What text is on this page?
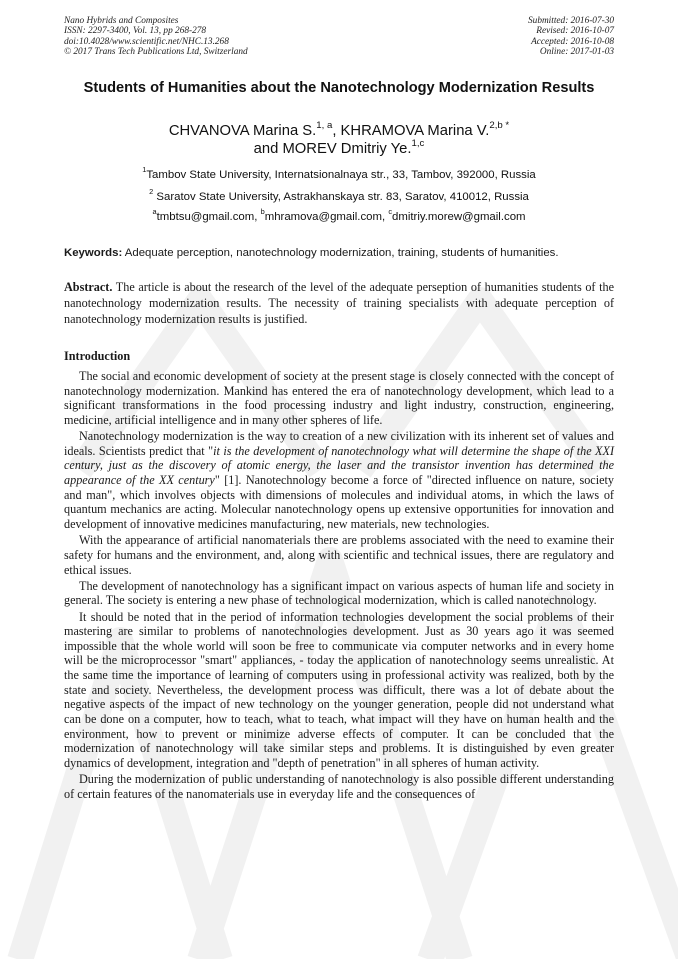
Nano Hybrids and Composites
ISSN: 2297-3400, Vol. 13, pp 268-278
doi:10.4028/www.scientific.net/NHC.13.268
© 2017 Trans Tech Publications Ltd, Switzerland
Submitted: 2016-07-30
Revised: 2016-10-07
Accepted: 2016-10-08
Online: 2017-01-03
Students of Humanities about the Nanotechnology Modernization Results
CHVANOVA Marina S.$^{1, a}$, KHRAMOVA Marina V.$^{2,b *}$
and MOREV Dmitriy Ye.$^{1,c}$
$^1$Tambov State University, Internatsionalnaya str., 33, Tambov, 392000, Russia
$^2$ Saratov State University, Astrakhanskaya str. 83, Saratov, 410012, Russia
$^a$tmbtsu@gmail.com, $^b$mhramova@gmail.com, $^c$dmitriy.morew@gmail.com
Keywords: Adequate perception, nanotechnology modernization, training, students of humanities.
Abstract. The article is about the research of the level of the adequate perseption of humanities students of the nanotechnology modernization results. The necessity of training specialists with adequate perception of nanotechnology modernization results is justified.
Introduction

The social and economic development of society at the present stage is closely connected with the concept of nanotechnology modernization. Mankind has entered the era of nanotechnology development, which lead to a significant transformations in the food processing industry and light industry, construction, engineering, medicine, artificial intelligence and in many other spheres of life.

Nanotechnology modernization is the way to creation of a new civilization with its inherent set of values and ideals. Scientists predict that "it is the development of nanotechnology what will determine the shape of the XXI century, just as the discovery of atomic energy, the laser and the transistor invention has determined the appearance of the XX century" [1]. Nanotechnology become a force of "directed influence on nature, society and man", which involves objects with dimensions of molecules and individual atoms, in which the laws of quantum mechanics are acting. Molecular nanotechnology opens up extensive opportunities for innovation and development of innovative medicines manufacturing, new materials, new technologies.

With the appearance of artificial nanomaterials there are problems associated with the need to examine their safety for humans and the environment, and, along with scientific and technical issues, there are regulatory and ethical issues.

The development of nanotechnology has a significant impact on various aspects of human life and society in general. The society is entering a new phase of technological modernization, which is called nanotechnology.

It should be noted that in the period of information technologies development the social problems of their mastering are similar to problems of nanotechnologies development. Just as 30 years ago it was seemed impossible that the whole world will soon be free to communicate via computer networks and in every home will be the microprocessor "smart" appliances, - today the application of nanotechnology seems unrealistic. At the same time the importance of learning of computers using in professional activity was realized, both by the state and society. Nevertheless, the development process was difficult, there was a lot of debate about the negative aspects of the impact of new technology on the younger generation, people did not understand what can be done on a computer, how to teach, what to teach, what impact will they have on human health and the environment, how to prevent or minimize adverse effects of computer. It can be concluded that the modernization of nanotechnology will take similar steps and problems. It is distinguished by even greater dynamics of development, integration and "depth of penetration" in all spheres of human activity.

During the modernization of public understanding of nanotechnology is also possible different understanding of certain features of the nanomaterials use in everyday life and the consequences of
